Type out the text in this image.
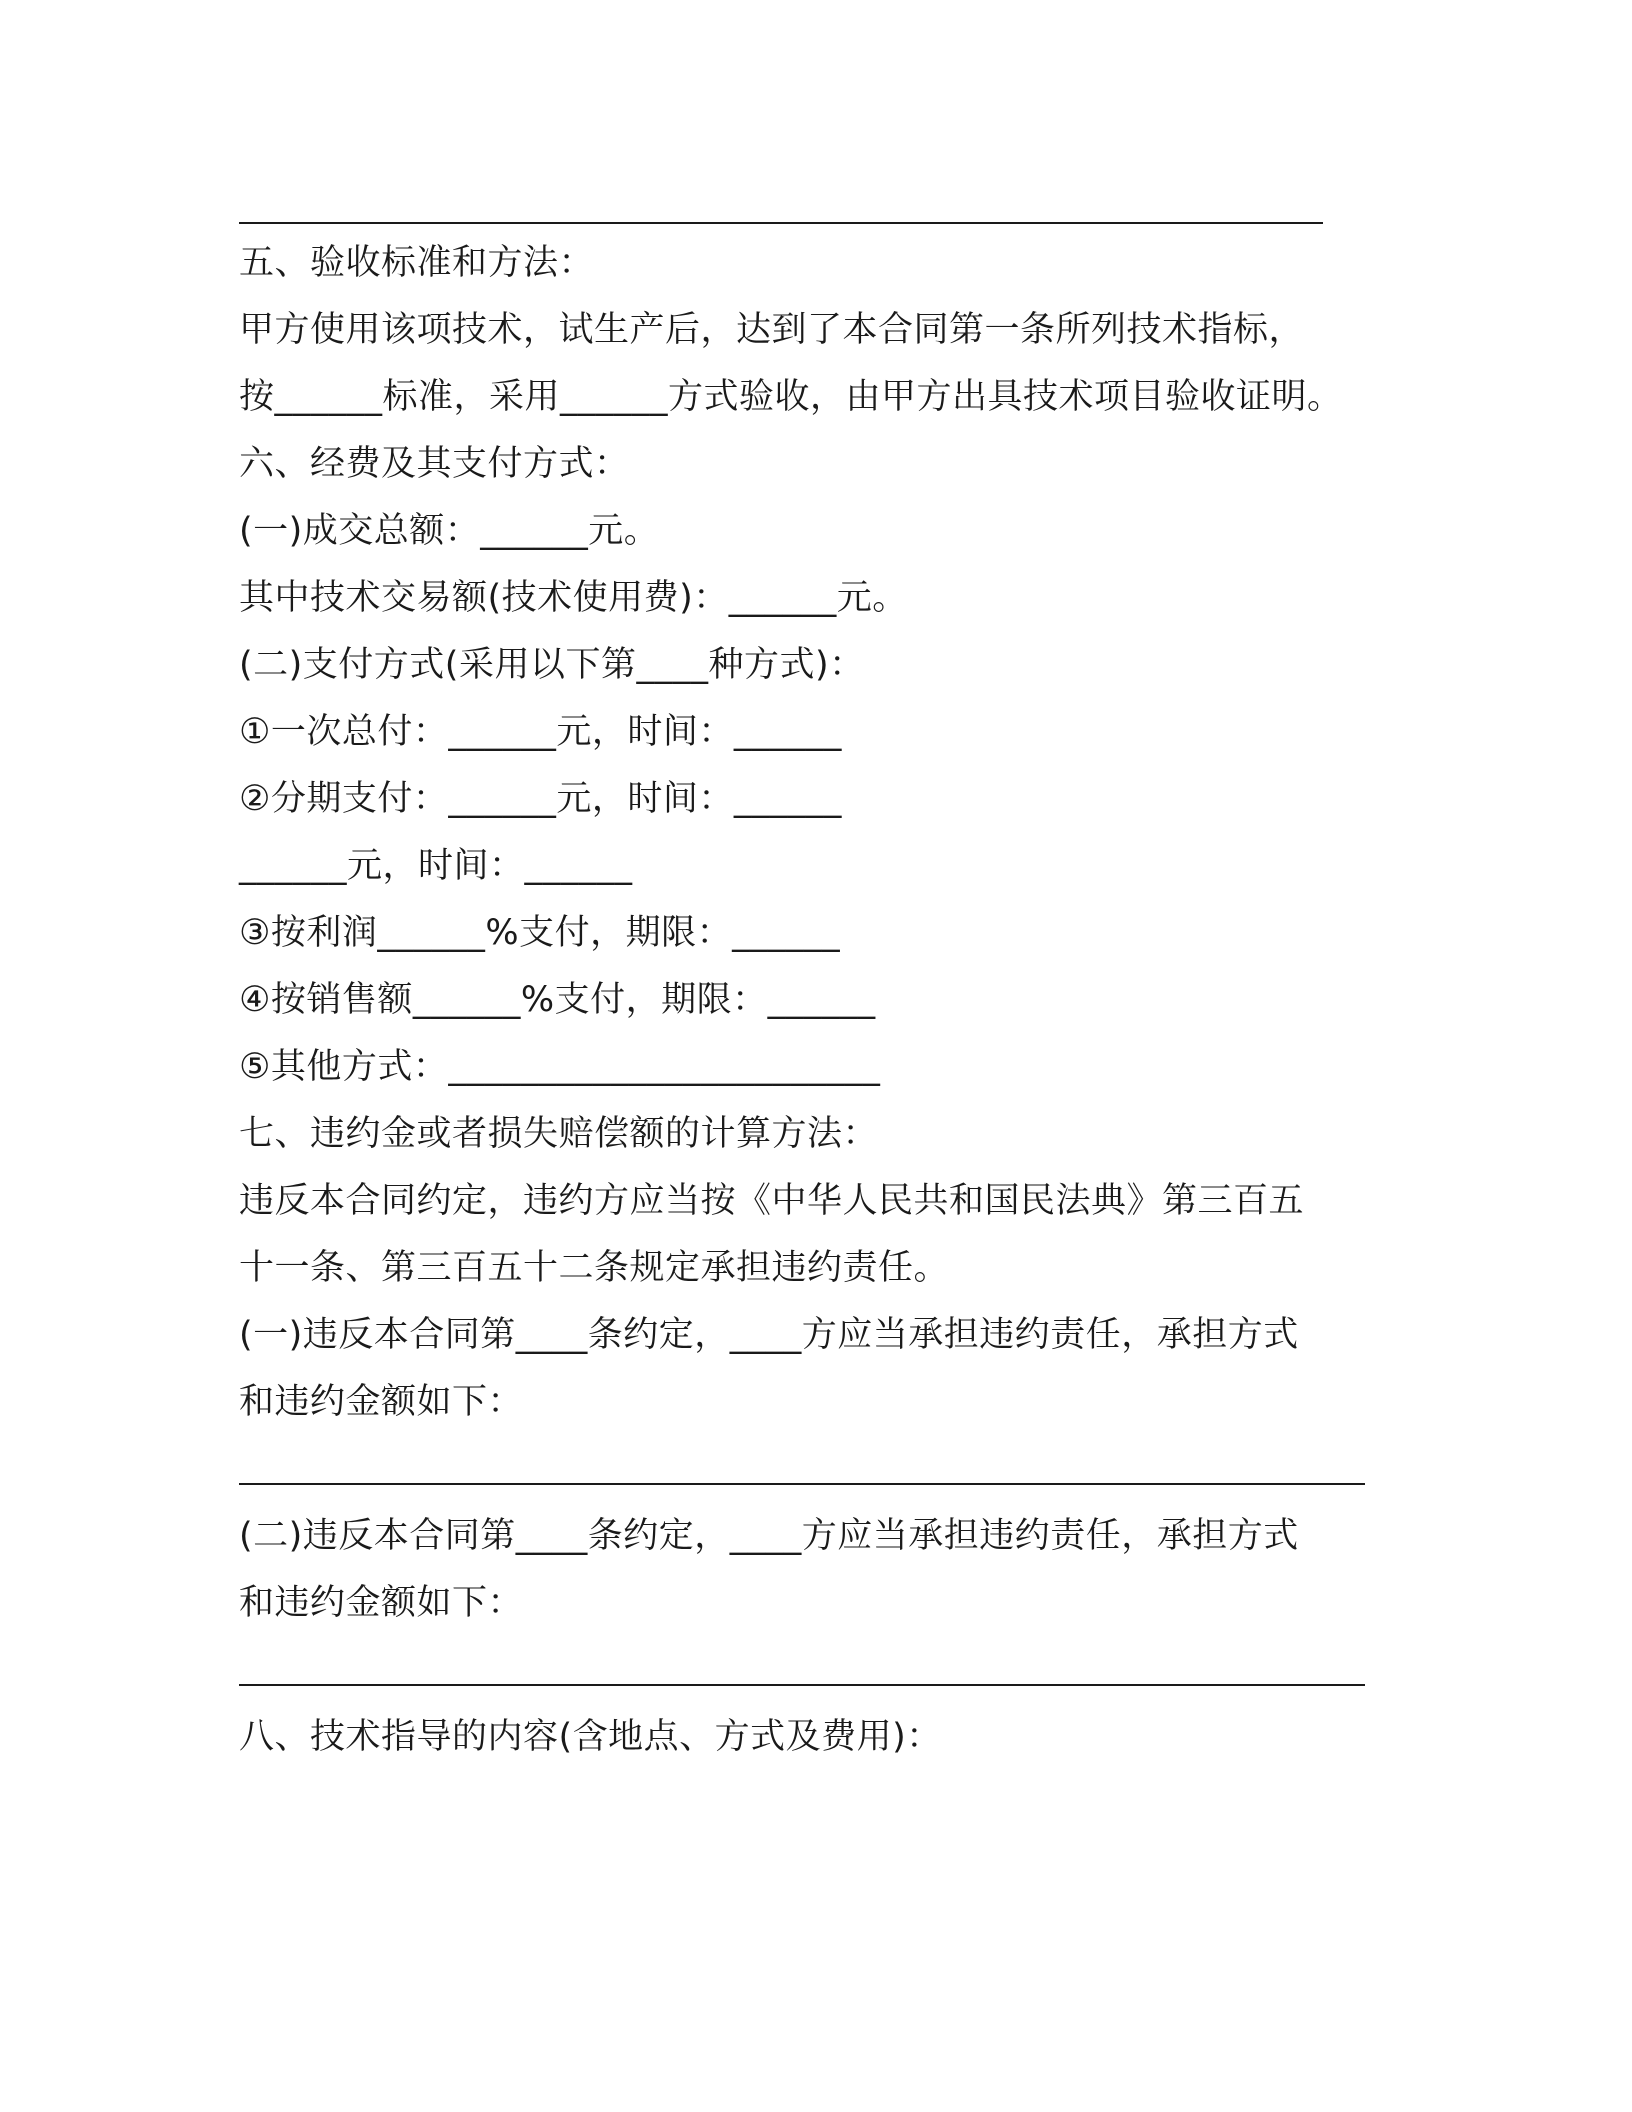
五、验收标准和方法：
甲方使用该项技术，试生产后，达到了本合同第一条所列技术指标，
按______标准，采用______方式验收，由甲方出具技术项目验收证明。
六、经费及其支付方式：
(一)成交总额：______元。
其中技术交易额(技术使用费)：______元。
(二)支付方式(采用以下第____种方式)：
①一次总付：______元，时间：______
②分期支付：______元，时间：______
______元，时间：______
③按利润______%支付，期限：______
④按销售额______%支付，期限：______
⑤其他方式：________________________
七、违约金或者损失赔偿额的计算方法：
违反本合同约定，违约方应当按《中华人民共和国民法典》第三百五
十一条、第三百五十二条规定承担违约责任。
(一)违反本合同第____条约定，____方应当承担违约责任，承担方式
和违约金额如下：
(二)违反本合同第____条约定，____方应当承担违约责任，承担方式
和违约金额如下：
八、技术指导的内容(含地点、方式及费用)：
